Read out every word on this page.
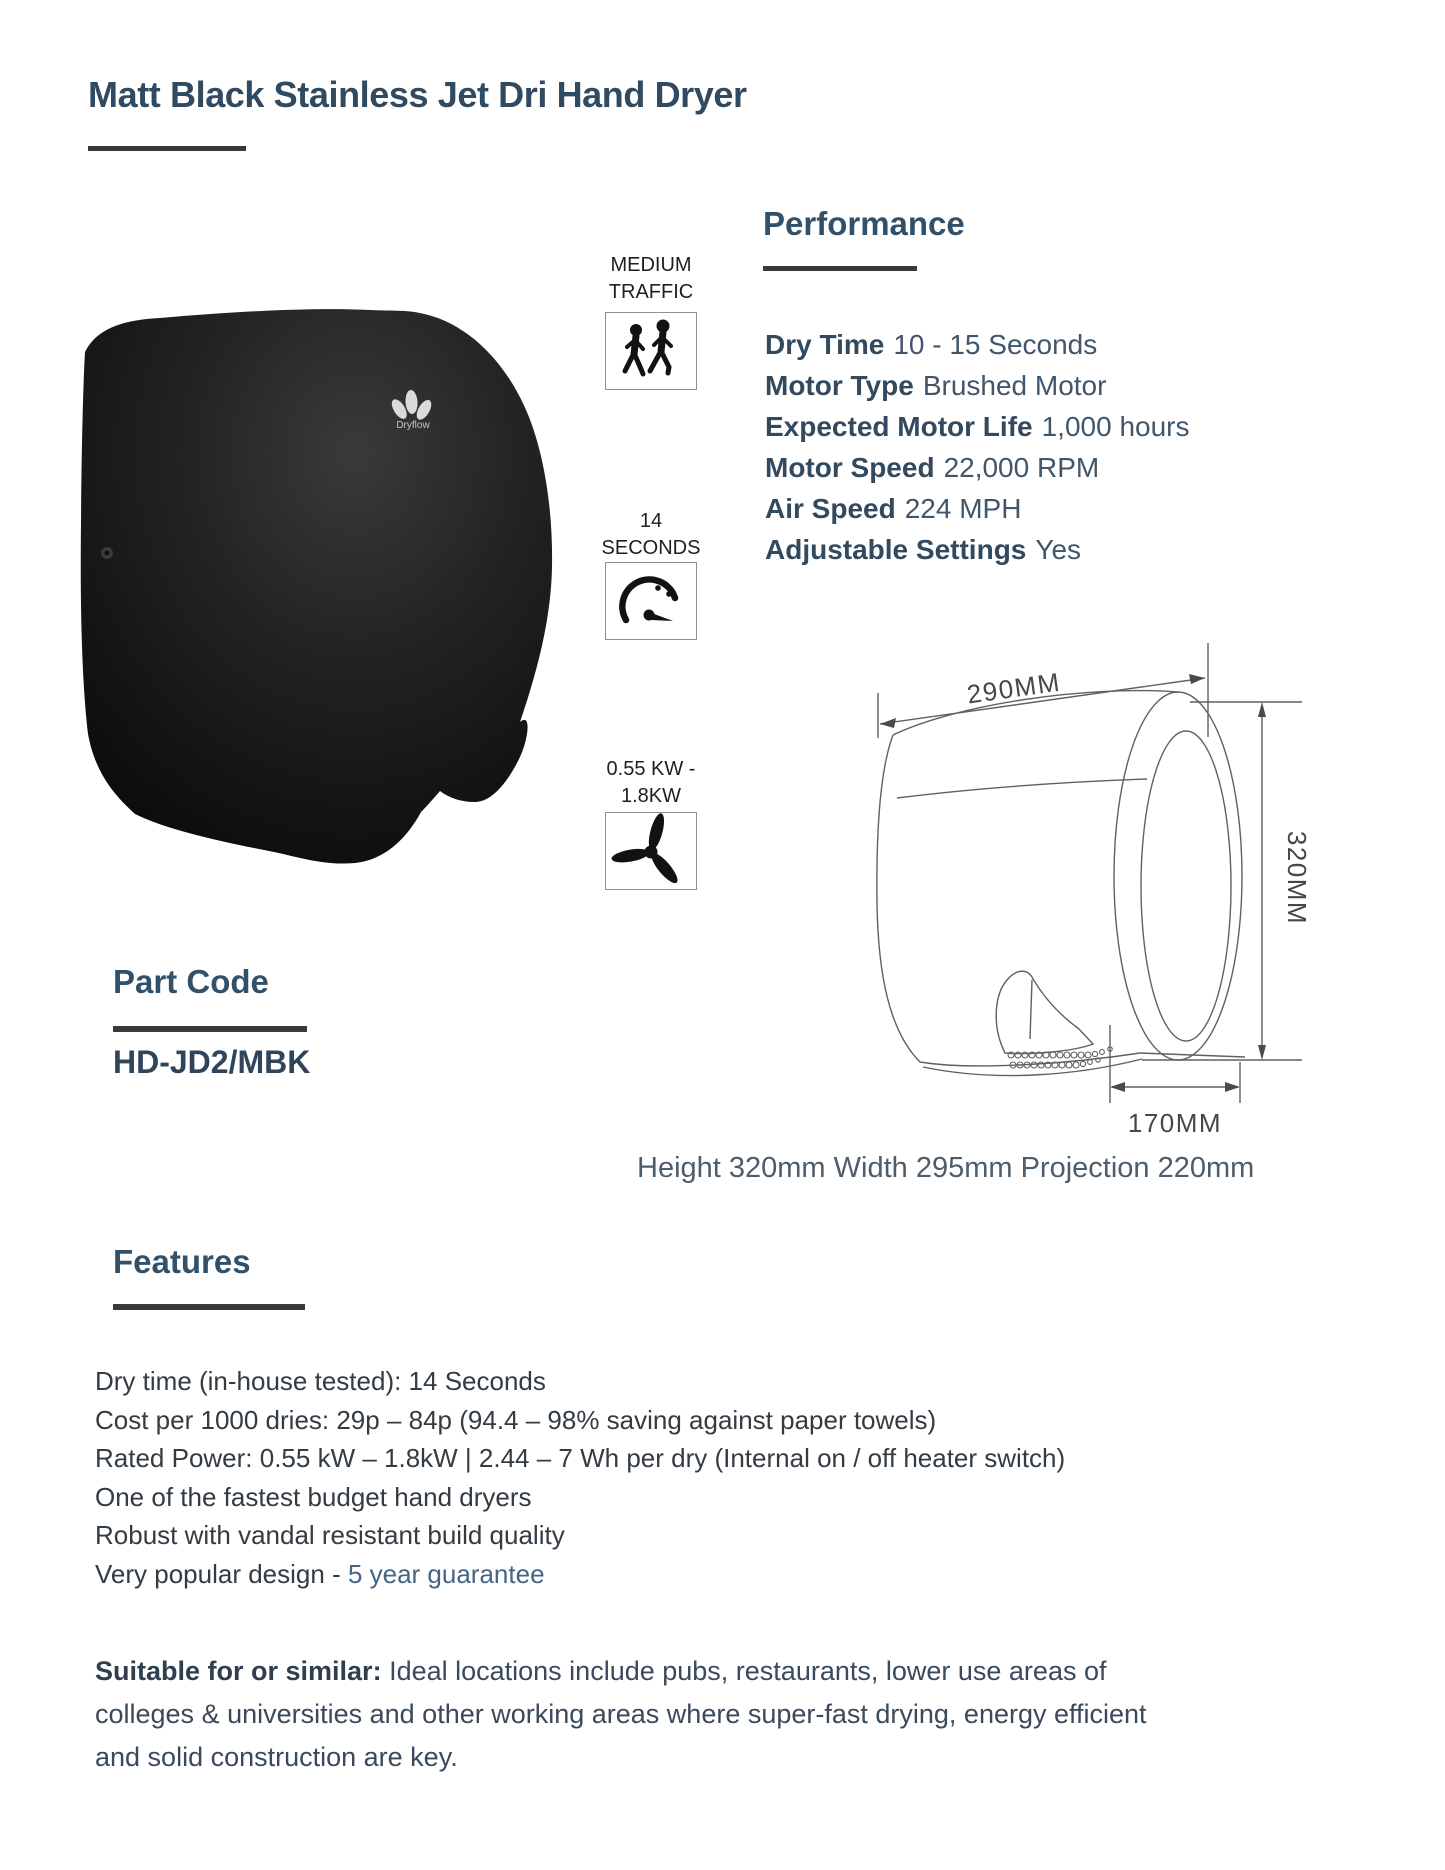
Matt Black Stainless Jet Dri Hand Dryer
Dryflow
MEDIUM
TRAFFIC
14
SECONDS
0.55 KW -
1.8KW
Performance
Dry Time 10 - 15 Seconds
Motor Type Brushed Motor
Expected Motor Life 1,000 hours
Motor Speed 22,000 RPM
Air Speed 224 MPH
Adjustable Settings Yes
290MM
320MM
170MM
Part Code
HD-JD2/MBK
Height 320mm Width 295mm Projection 220mm
Features
Dry time (in-house tested): 14 Seconds
Cost per 1000 dries: 29p – 84p (94.4 – 98% saving against paper towels)
Rated Power: 0.55 kW – 1.8kW | 2.44 – 7 Wh per dry (Internal on / off heater switch)
One of the fastest budget hand dryers
Robust with vandal resistant build quality
Very popular design - 5 year guarantee
Suitable for or similar: Ideal locations include pubs, restaurants, lower use areas of
colleges & universities and other working areas where super-fast drying, energy efficient
and solid construction are key.
